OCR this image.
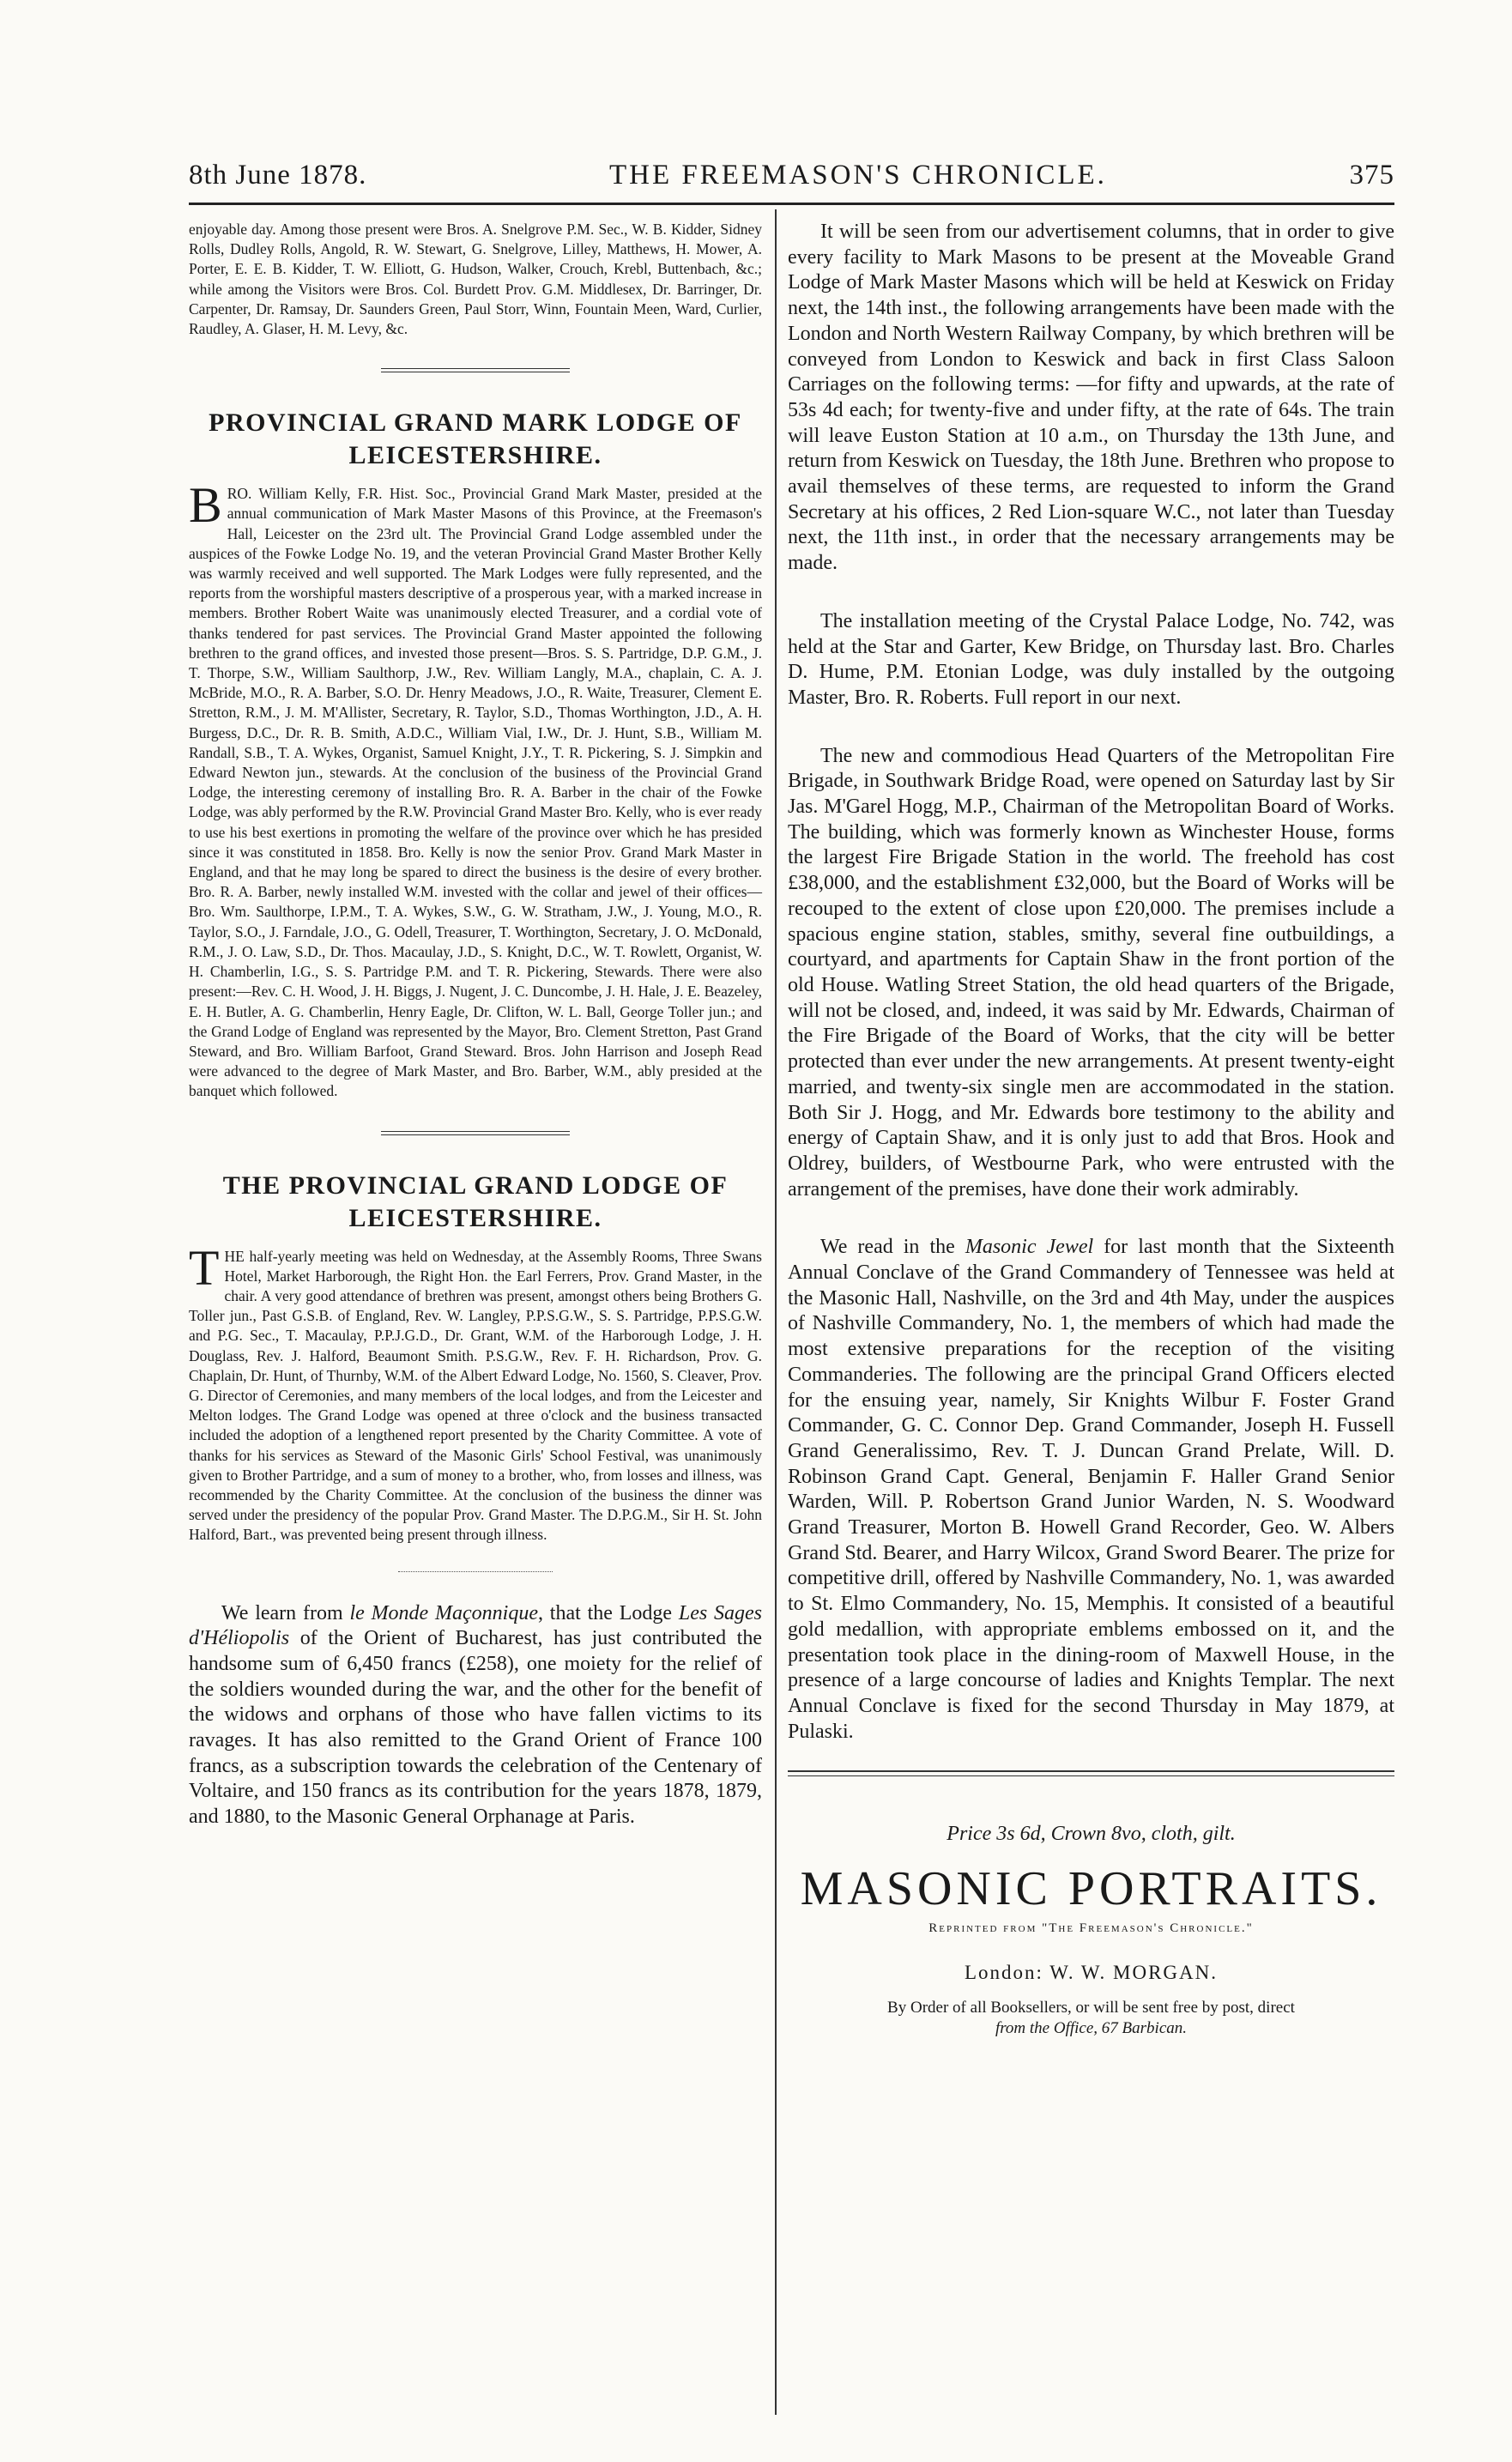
8th June 1878.	THE FREEMASON'S CHRONICLE.	375

enjoyable day. Among those present were Bros. A. Snelgrove P.M. Sec., W. B. Kidder, Sidney Rolls, Dudley Rolls, Angold, R. W. Stewart, G. Snelgrove, Lilley, Matthews, H. Mower, A. Porter, E. E. B. Kidder, T. W. Elliott, G. Hudson, Walker, Crouch, Krebl, Buttenbach, &c.; while among the Visitors were Bros. Col. Burdett Prov. G.M. Middlesex, Dr. Barringer, Dr. Carpenter, Dr. Ramsay, Dr. Saunders Green, Paul Storr, Winn, Fountain Meen, Ward, Curlier, Raudley, A. Glaser, H. M. Levy, &c.

PROVINCIAL GRAND MARK LODGE OF LEICESTERSHIRE.

BRO. William Kelly, F.R. Hist. Soc., Provincial Grand Mark Master, presided at the annual communication of Mark Master Masons of this Province, at the Freemason's Hall, Leicester on the 23rd ult. The Provincial Grand Lodge assembled under the auspices of the Fowke Lodge No. 19, and the veteran Provincial Grand Master Brother Kelly was warmly received and well supported. The Mark Lodges were fully represented, and the reports from the worshipful masters descriptive of a prosperous year, with a marked increase in members. Brother Robert Waite was unanimously elected Treasurer, and a cordial vote of thanks tendered for past services. The Provincial Grand Master appointed the following brethren to the grand offices, and invested those present—Bros. S. S. Partridge, D.P. G.M., J. T. Thorpe, S.W., William Saulthorp, J.W., Rev. William Langly, M.A., chaplain, C. A. J. McBride, M.O., R. A. Barber, S.O. Dr. Henry Meadows, J.O., R. Waite, Treasurer, Clement E. Stretton, R.M., J. M. M'Allister, Secretary, R. Taylor, S.D., Thomas Worthington, J.D., A. H. Burgess, D.C., Dr. R. B. Smith, A.D.C., William Vial, I.W., Dr. J. Hunt, S.B., William M. Randall, S.B., T. A. Wykes, Organist, Samuel Knight, J.Y., T. R. Pickering, S. J. Simpkin and Edward Newton jun., stewards. At the conclusion of the business of the Provincial Grand Lodge, the interesting ceremony of installing Bro. R. A. Barber in the chair of the Fowke Lodge, was ably performed by the R.W. Provincial Grand Master Bro. Kelly, who is ever ready to use his best exertions in promoting the welfare of the province over which he has presided since it was constituted in 1858. Bro. Kelly is now the senior Prov. Grand Mark Master in England, and that he may long be spared to direct the business is the desire of every brother. Bro. R. A. Barber, newly installed W.M. invested with the collar and jewel of their offices—Bro. Wm. Saulthorpe, I.P.M., T. A. Wykes, S.W., G. W. Stratham, J.W., J. Young, M.O., R. Taylor, S.O., J. Farndale, J.O., G. Odell, Treasurer, T. Worthington, Secretary, J. O. McDonald, R.M., J. O. Law, S.D., Dr. Thos. Macaulay, J.D., S. Knight, D.C., W. T. Rowlett, Organist, W. H. Chamberlin, I.G., S. S. Partridge P.M. and T. R. Pickering, Stewards. There were also present:—Rev. C. H. Wood, J. H. Biggs, J. Nugent, J. C. Duncombe, J. H. Hale, J. E. Beazeley, E. H. Butler, A. G. Chamberlin, Henry Eagle, Dr. Clifton, W. L. Ball, George Toller jun.; and the Grand Lodge of England was represented by the Mayor, Bro. Clement Stretton, Past Grand Steward, and Bro. William Barfoot, Grand Steward. Bros. John Harrison and Joseph Read were advanced to the degree of Mark Master, and Bro. Barber, W.M., ably presided at the banquet which followed.

THE PROVINCIAL GRAND LODGE OF LEICESTERSHIRE.

THE half-yearly meeting was held on Wednesday, at the Assembly Rooms, Three Swans Hotel, Market Harborough, the Right Hon. the Earl Ferrers, Prov. Grand Master, in the chair. A very good attendance of brethren was present, amongst others being Brothers G. Toller jun., Past G.S.B. of England, Rev. W. Langley, P.P.S.G.W., S. S. Partridge, P.P.S.G.W. and P.G. Sec., T. Macaulay, P.P.J.G.D., Dr. Grant, W.M. of the Harborough Lodge, J. H. Douglass, Rev. J. Halford, Beaumont Smith. P.S.G.W., Rev. F. H. Richardson, Prov. G. Chaplain, Dr. Hunt, of Thurnby, W.M. of the Albert Edward Lodge, No. 1560, S. Cleaver, Prov. G. Director of Ceremonies, and many members of the local lodges, and from the Leicester and Melton lodges. The Grand Lodge was opened at three o'clock and the business transacted included the adoption of a lengthened report presented by the Charity Committee. A vote of thanks for his services as Steward of the Masonic Girls' School Festival, was unanimously given to Brother Partridge, and a sum of money to a brother, who, from losses and illness, was recommended by the Charity Committee. At the conclusion of the business the dinner was served under the presidency of the popular Prov. Grand Master. The D.P.G.M., Sir H. St. John Halford, Bart., was prevented being present through illness.

We learn from le Monde Maçonnique, that the Lodge Les Sages d'Héliopolis of the Orient of Bucharest, has just contributed the handsome sum of 6,450 francs (£258), one moiety for the relief of the soldiers wounded during the war, and the other for the benefit of the widows and orphans of those who have fallen victims to its ravages. It has also remitted to the Grand Orient of France 100 francs, as a subscription towards the celebration of the Centenary of Voltaire, and 150 francs as its contribution for the years 1878, 1879, and 1880, to the Masonic General Orphanage at Paris.

It will be seen from our advertisement columns, that in order to give every facility to Mark Masons to be present at the Moveable Grand Lodge of Mark Master Masons which will be held at Keswick on Friday next, the 14th inst., the following arrangements have been made with the London and North Western Railway Company, by which brethren will be conveyed from London to Keswick and back in first Class Saloon Carriages on the following terms: —for fifty and upwards, at the rate of 53s 4d each; for twenty-five and under fifty, at the rate of 64s. The train will leave Euston Station at 10 a.m., on Thursday the 13th June, and return from Keswick on Tuesday, the 18th June. Brethren who propose to avail themselves of these terms, are requested to inform the Grand Secretary at his offices, 2 Red Lion-square W.C., not later than Tuesday next, the 11th inst., in order that the necessary arrangements may be made.

The installation meeting of the Crystal Palace Lodge, No. 742, was held at the Star and Garter, Kew Bridge, on Thursday last. Bro. Charles D. Hume, P.M. Etonian Lodge, was duly installed by the outgoing Master, Bro. R. Roberts. Full report in our next.

The new and commodious Head Quarters of the Metropolitan Fire Brigade, in Southwark Bridge Road, were opened on Saturday last by Sir Jas. M'Garel Hogg, M.P., Chairman of the Metropolitan Board of Works. The building, which was formerly known as Winchester House, forms the largest Fire Brigade Station in the world. The freehold has cost £38,000, and the establishment £32,000, but the Board of Works will be recouped to the extent of close upon £20,000. The premises include a spacious engine station, stables, smithy, several fine outbuildings, a courtyard, and apartments for Captain Shaw in the front portion of the old House. Watling Street Station, the old head quarters of the Brigade, will not be closed, and, indeed, it was said by Mr. Edwards, Chairman of the Fire Brigade of the Board of Works, that the city will be better protected than ever under the new arrangements. At present twenty-eight married, and twenty-six single men are accommodated in the station. Both Sir J. Hogg, and Mr. Edwards bore testimony to the ability and energy of Captain Shaw, and it is only just to add that Bros. Hook and Oldrey, builders, of Westbourne Park, who were entrusted with the arrangement of the premises, have done their work admirably.

We read in the Masonic Jewel for last month that the Sixteenth Annual Conclave of the Grand Commandery of Tennessee was held at the Masonic Hall, Nashville, on the 3rd and 4th May, under the auspices of Nashville Commandery, No. 1, the members of which had made the most extensive preparations for the reception of the visiting Commanderies. The following are the principal Grand Officers elected for the ensuing year, namely, Sir Knights Wilbur F. Foster Grand Commander, G. C. Connor Dep. Grand Commander, Joseph H. Fussell Grand Generalissimo, Rev. T. J. Duncan Grand Prelate, Will. D. Robinson Grand Capt. General, Benjamin F. Haller Grand Senior Warden, Will. P. Robertson Grand Junior Warden, N. S. Woodward Grand Treasurer, Morton B. Howell Grand Recorder, Geo. W. Albers Grand Std. Bearer, and Harry Wilcox, Grand Sword Bearer. The prize for competitive drill, offered by Nashville Commandery, No. 1, was awarded to St. Elmo Commandery, No. 15, Memphis. It consisted of a beautiful gold medallion, with appropriate emblems embossed on it, and the presentation took place in the dining-room of Maxwell House, in the presence of a large concourse of ladies and Knights Templar. The next Annual Conclave is fixed for the second Thursday in May 1879, at Pulaski.

Price 3s 6d, Crown 8vo, cloth, gilt.
MASONIC PORTRAITS.
Reprinted from "The Freemason's Chronicle."
London: W. W. MORGAN.
By Order of all Booksellers, or will be sent free by post, direct
from the Office, 67 Barbican.
